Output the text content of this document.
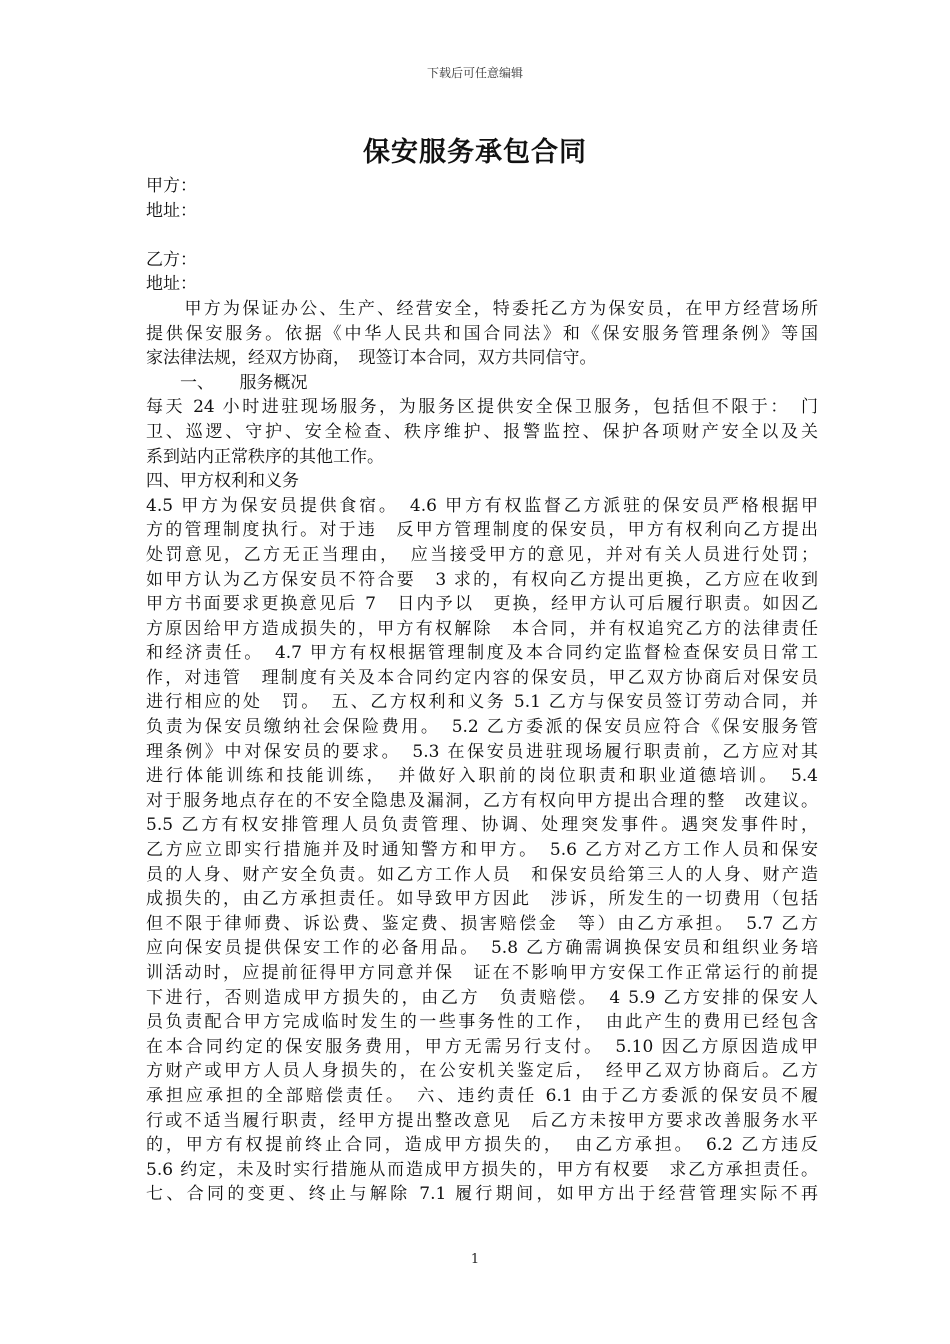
下载后可任意编辑
保安服务承包合同
甲方：
地址：
乙方：
地址：
　　甲方为保证办公、生产、经营安全，特委托乙方为保安员，在甲方经营场所
提供保安服务。依据《中华人民共和国合同法》和《保安服务管理条例》等国
家法律法规，经双方协商，　现签订本合同，双方共同信守。
　　一、　　服务概况
每天 24 小时进驻现场服务，为服务区提供安全保卫服务，包括但不限于：　门
卫、巡逻、守护、安全检查、秩序维护、报警监控、保护各项财产安全以及关
系到站内正常秩序的其他工作。
四、甲方权利和义务
4.5 甲方为保安员提供食宿。　4.6 甲方有权监督乙方派驻的保安员严格根据甲
方的管理制度执行。对于违　反甲方管理制度的保安员，甲方有权利向乙方提出
处罚意见，乙方无正当理由，　应当接受甲方的意见，并对有关人员进行处罚；
如甲方认为乙方保安员不符合要　3 求的，有权向乙方提出更换，乙方应在收到
甲方书面要求更换意见后 7　日内予以　更换，经甲方认可后履行职责。如因乙
方原因给甲方造成损失的，甲方有权解除　本合同，并有权追究乙方的法律责任
和经济责任。　4.7 甲方有权根据管理制度及本合同约定监督检查保安员日常工
作，对违管　理制度有关及本合同约定内容的保安员，甲乙双方协商后对保安员
进行相应的处　罚。　五、乙方权利和义务 5.1 乙方与保安员签订劳动合同，并
负责为保安员缴纳社会保险费用。　5.2 乙方委派的保安员应符合《保安服务管
理条例》中对保安员的要求。　5.3 在保安员进驻现场履行职责前，乙方应对其
进行体能训练和技能训练，　并做好入职前的岗位职责和职业道德培训。　5.4
对于服务地点存在的不安全隐患及漏洞，乙方有权向甲方提出合理的整　改建议。
5.5 乙方有权安排管理人员负责管理、协调、处理突发事件。遇突发事件时，
乙方应立即实行措施并及时通知警方和甲方。　5.6 乙方对乙方工作人员和保安
员的人身、财产安全负责。如乙方工作人员　和保安员给第三人的人身、财产造
成损失的，由乙方承担责任。如导致甲方因此　涉诉，所发生的一切费用（包括
但不限于律师费、诉讼费、鉴定费、损害赔偿金　等）由乙方承担。　5.7 乙方
应向保安员提供保安工作的必备用品。　5.8 乙方确需调换保安员和组织业务培
训活动时，应提前征得甲方同意并保　证在不影响甲方安保工作正常运行的前提
下进行，否则造成甲方损失的，由乙方　负责赔偿。　4 5.9 乙方安排的保安人
员负责配合甲方完成临时发生的一些事务性的工作，　由此产生的费用已经包含
在本合同约定的保安服务费用，甲方无需另行支付。　5.10 因乙方原因造成甲
方财产或甲方人员人身损失的，在公安机关鉴定后，　经甲乙双方协商后。乙方
承担应承担的全部赔偿责任。　六、违约责任 6.1 由于乙方委派的保安员不履
行或不适当履行职责，经甲方提出整改意见　后乙方未按甲方要求改善服务水平
的，甲方有权提前终止合同，造成甲方损失的，　由乙方承担。　6.2 乙方违反
5.6 约定，未及时实行措施从而造成甲方损失的，甲方有权要　求乙方承担责任。
七、合同的变更、终止与解除 7.1 履行期间，如甲方出于经营管理实际不再
1
